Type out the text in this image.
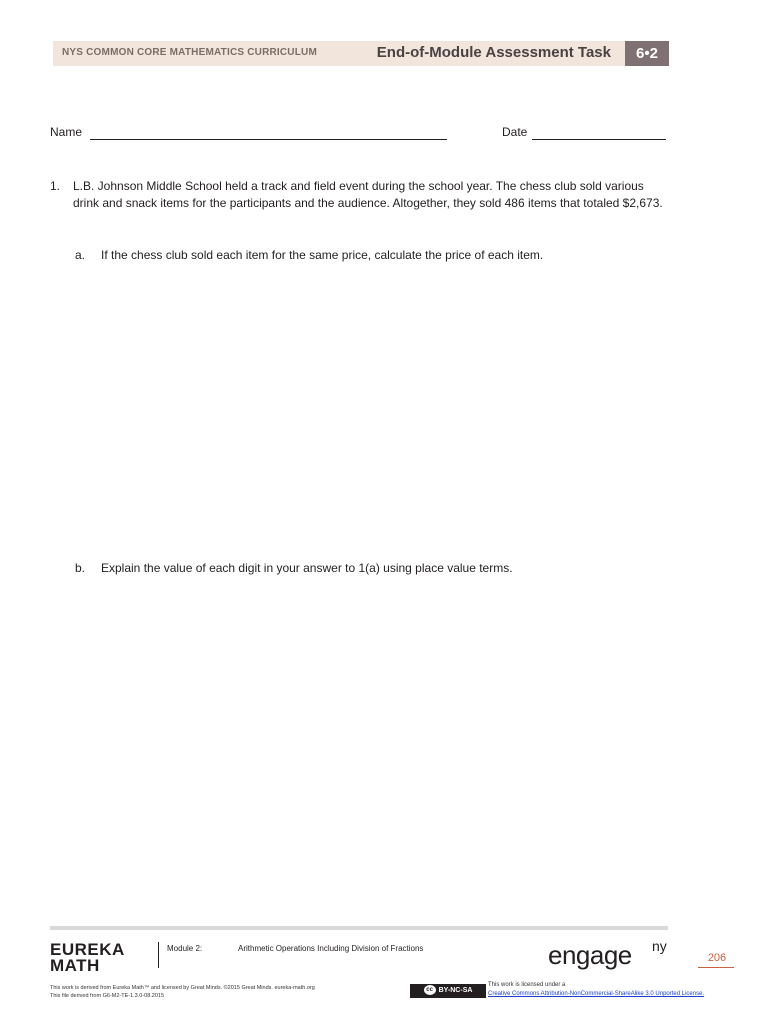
NYS COMMON CORE MATHEMATICS CURRICULUM	End-of-Module Assessment Task	6•2
Name	Date
1. L.B. Johnson Middle School held a track and field event during the school year. The chess club sold various drink and snack items for the participants and the audience. Altogether, they sold 486 items that totaled $2,673.
a. If the chess club sold each item for the same price, calculate the price of each item.
b. Explain the value of each digit in your answer to 1(a) using place value terms.
EUREKA
MATH
Module 2:	Arithmetic Operations Including Division of Fractions	engage ny
206
This work is derived from Eureka Math™ and licensed by Great Minds. ©2015 Great Minds. eureka-math.org
This file derived from G6-M2-TE-1.3.0-08.2015
cc BY-NC-SA
This work is licensed under a
Creative Commons Attribution-NonCommercial-ShareAlike 3.0 Unported License.
